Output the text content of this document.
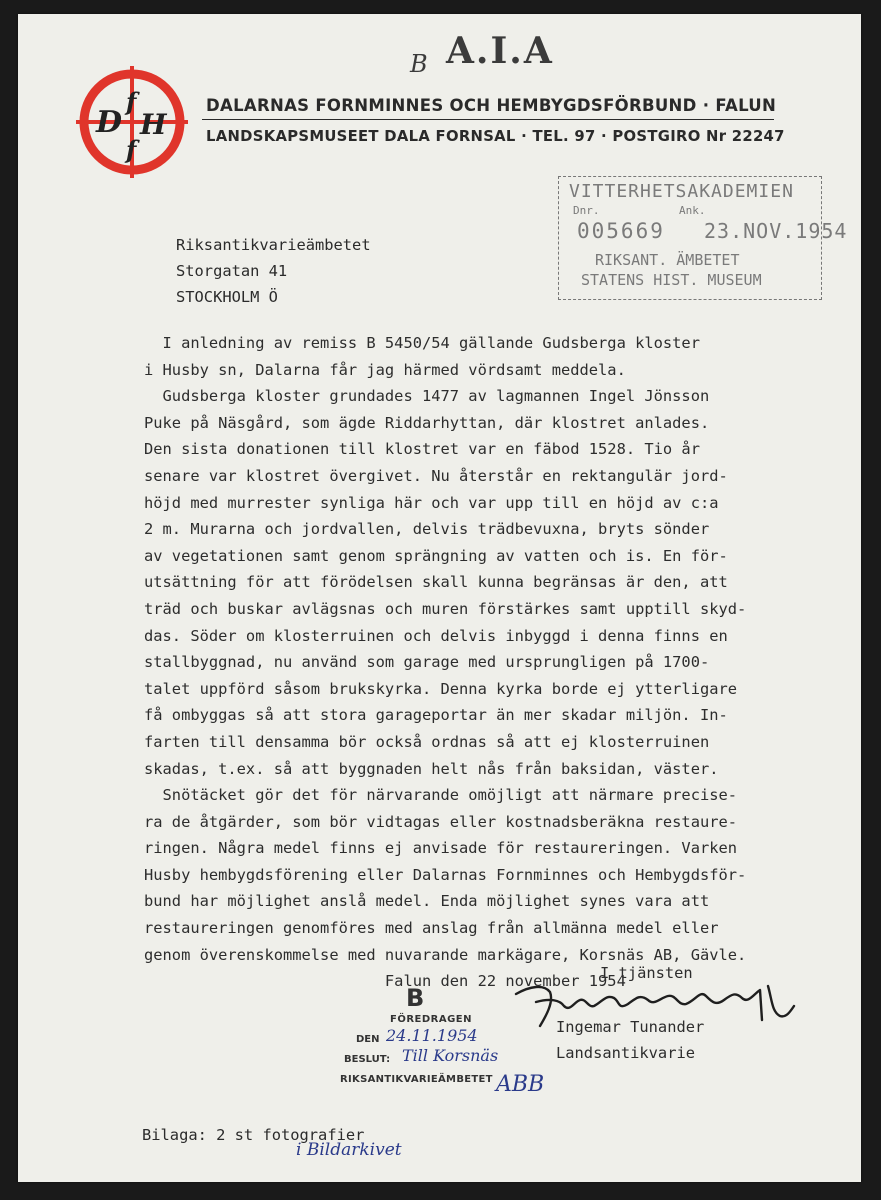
B A.I.A
D
f
H
f
DALARNAS FORNMINNES OCH HEMBYGDSFÖRBUND · FALUN
LANDSKAPSMUSEET DALA FORNSAL · TEL. 97 · POSTGIRO Nr 22247
VITTERHETSAKADEMIEN
Dnr.	Ank.
005669 23.NOV.1954
RIKSANT. ÄMBETET
STATENS HIST. MUSEUM
Riksantikvarieämbetet
Storgatan 41
STOCKHOLM Ö
I anledning av remiss B 5450/54 gällande Gudsberga kloster
i Husby sn, Dalarna får jag härmed vördsamt meddela.
Gudsberga kloster grundades 1477 av lagmannen Ingel Jönsson
Puke på Näsgård, som ägde Riddarhyttan, där klostret anlades.
Den sista donationen till klostret var en fäbod 1528. Tio år
senare var klostret övergivet. Nu återstår en rektangulär jord-
höjd med murrester synliga här och var upp till en höjd av c:a
2 m. Murarna och jordvallen, delvis trädbevuxna, bryts sönder
av vegetationen samt genom sprängning av vatten och is. En för-
utsättning för att förödelsen skall kunna begränsas är den, att
träd och buskar avlägsnas och muren förstärkes samt upptill skyd-
das. Söder om klosterruinen och delvis inbyggd i denna finns en
stallbyggnad, nu använd som garage med ursprungligen på 1700-
talet uppförd såsom brukskyrka. Denna kyrka borde ej ytterligare
få ombyggas så att stora garageportar än mer skadar miljön. In-
farten till densamma bör också ordnas så att ej klosterruinen
skadas, t.ex. så att byggnaden helt nås från baksidan, väster.
Snötäcket gör det för närvarande omöjligt att närmare precise-
ra de åtgärder, som bör vidtagas eller kostnadsberäkna restaure-
ringen. Några medel finns ej anvisade för restaureringen. Varken
Husby hembygdsförening eller Dalarnas Fornminnes och Hembygdsför-
bund har möjlighet anslå medel. Enda möjlighet synes vara att
restaureringen genomföres med anslag från allmänna medel eller
genom överenskommelse med nuvarande markägare, Korsnäs AB, Gävle.
Falun den 22 november 1954
I tjänsten
Ingemar Tunander
Landsantikvarie
B
FÖREDRAGEN
DEN 24.11.1954
BESLUT: Till Korsnäs
RIKSANTIKVARIEÄMBETET ABB
Bilaga: 2 st fotografier
i Bildarkivet
